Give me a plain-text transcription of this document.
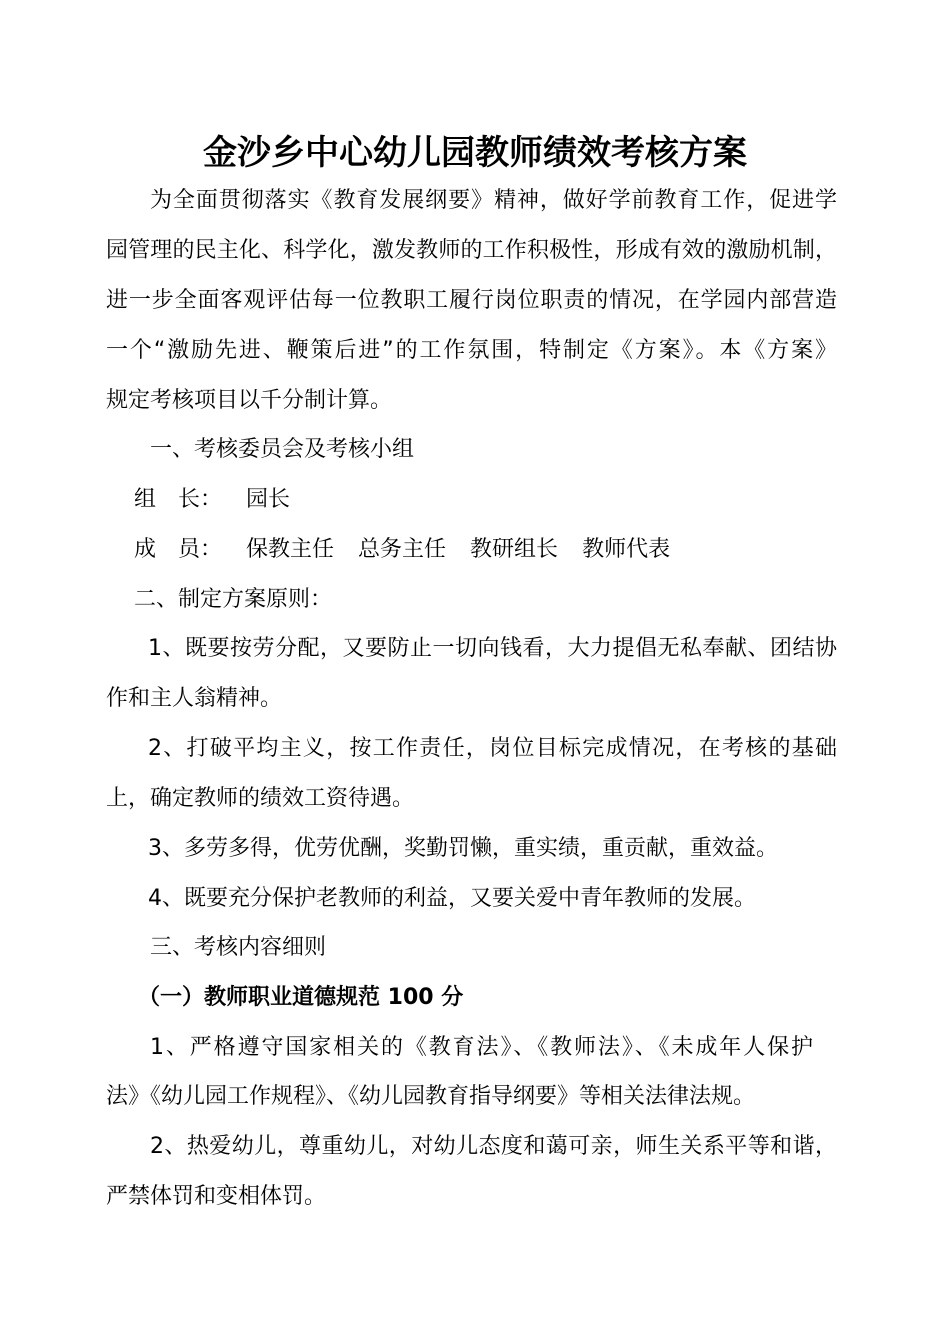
金沙乡中心幼儿园教师绩效考核方案
为全面贯彻落实《教育发展纲要》精神，做好学前教育工作，促进学
园管理的民主化、科学化，激发教师的工作积极性，形成有效的激励机制，
进一步全面客观评估每一位教职工履行岗位职责的情况，在学园内部营造
一个“激励先进、鞭策后进”的工作氛围，特制定《方案》。本《方案》
规定考核项目以千分制计算。
一、考核委员会及考核小组
组　长： 园长
成　员： 保教主任 总务主任 教研组长 教师代表
二、制定方案原则：
1、既要按劳分配，又要防止一切向钱看，大力提倡无私奉献、团结协
作和主人翁精神。
2、打破平均主义，按工作责任，岗位目标完成情况，在考核的基础
上，确定教师的绩效工资待遇。
3、多劳多得，优劳优酬，奖勤罚懒，重实绩，重贡献，重效益。
4、既要充分保护老教师的利益，又要关爱中青年教师的发展。
三、考核内容细则
（一）教师职业道德规范 100 分
1、严格遵守国家相关的《教育法》、《教师法》、《未成年人保护
法》《幼儿园工作规程》、《幼儿园教育指导纲要》等相关法律法规。
2、热爱幼儿，尊重幼儿，对幼儿态度和蔼可亲，师生关系平等和谐，
严禁体罚和变相体罚。
